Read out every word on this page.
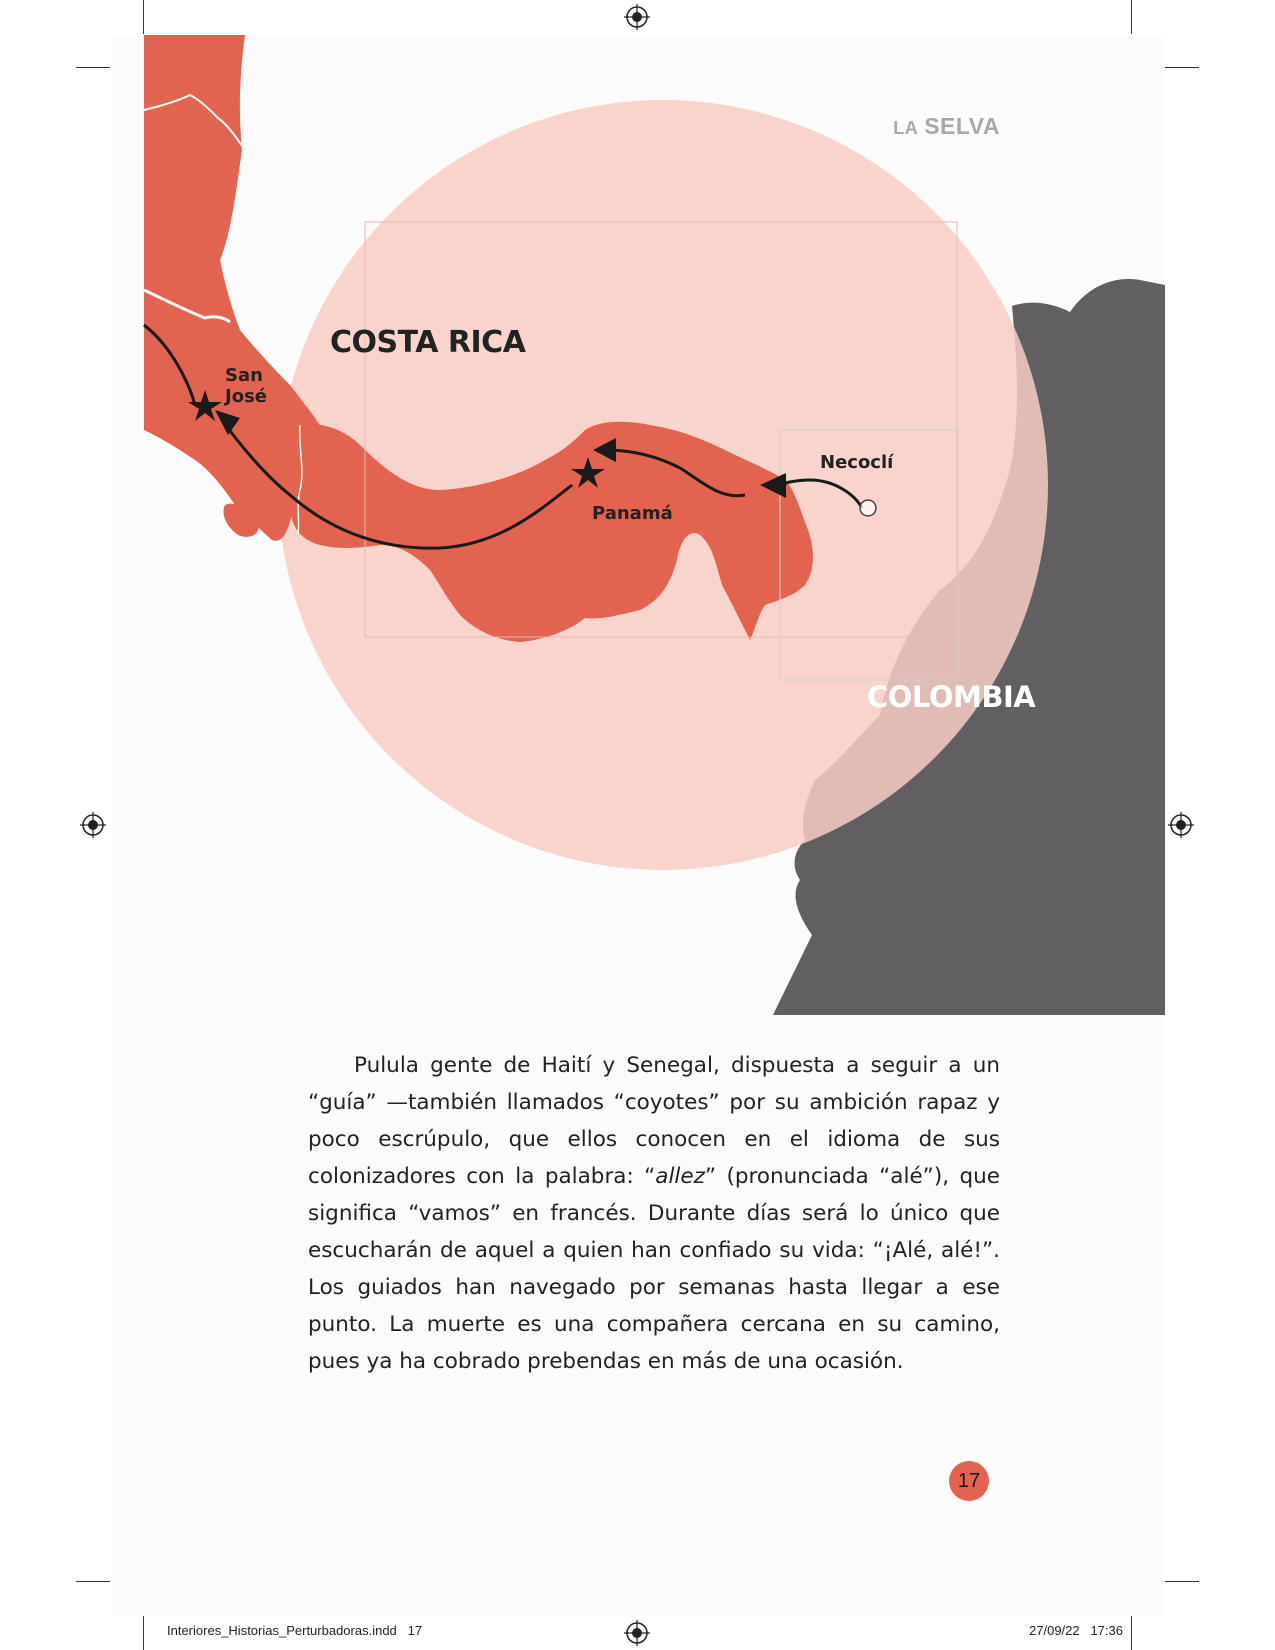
COSTA RICA
San
José
Panamá
Necoclí
COLOMBIA
LA SELVA

Pulula gente de Haití y Senegal, dispuesta a seguir a un “guía” —también llamados “coyotes” por su ambición rapaz y poco escrúpulo, que ellos conocen en el idioma de sus colonizadores con la palabra: “allez” (pronunciada “alé”), que significa “vamos” en francés. Durante días será lo único que escucharán de aquel a quien han confiado su vida: “¡Alé, alé!”. Los guiados han navegado por semanas hasta llegar a ese punto. La muerte es una compañera cercana en su camino, pues ya ha cobrado prebendas en más de una ocasión.

17
Interiores_Historias_Perturbadoras.indd   17	27/09/22   17:36
